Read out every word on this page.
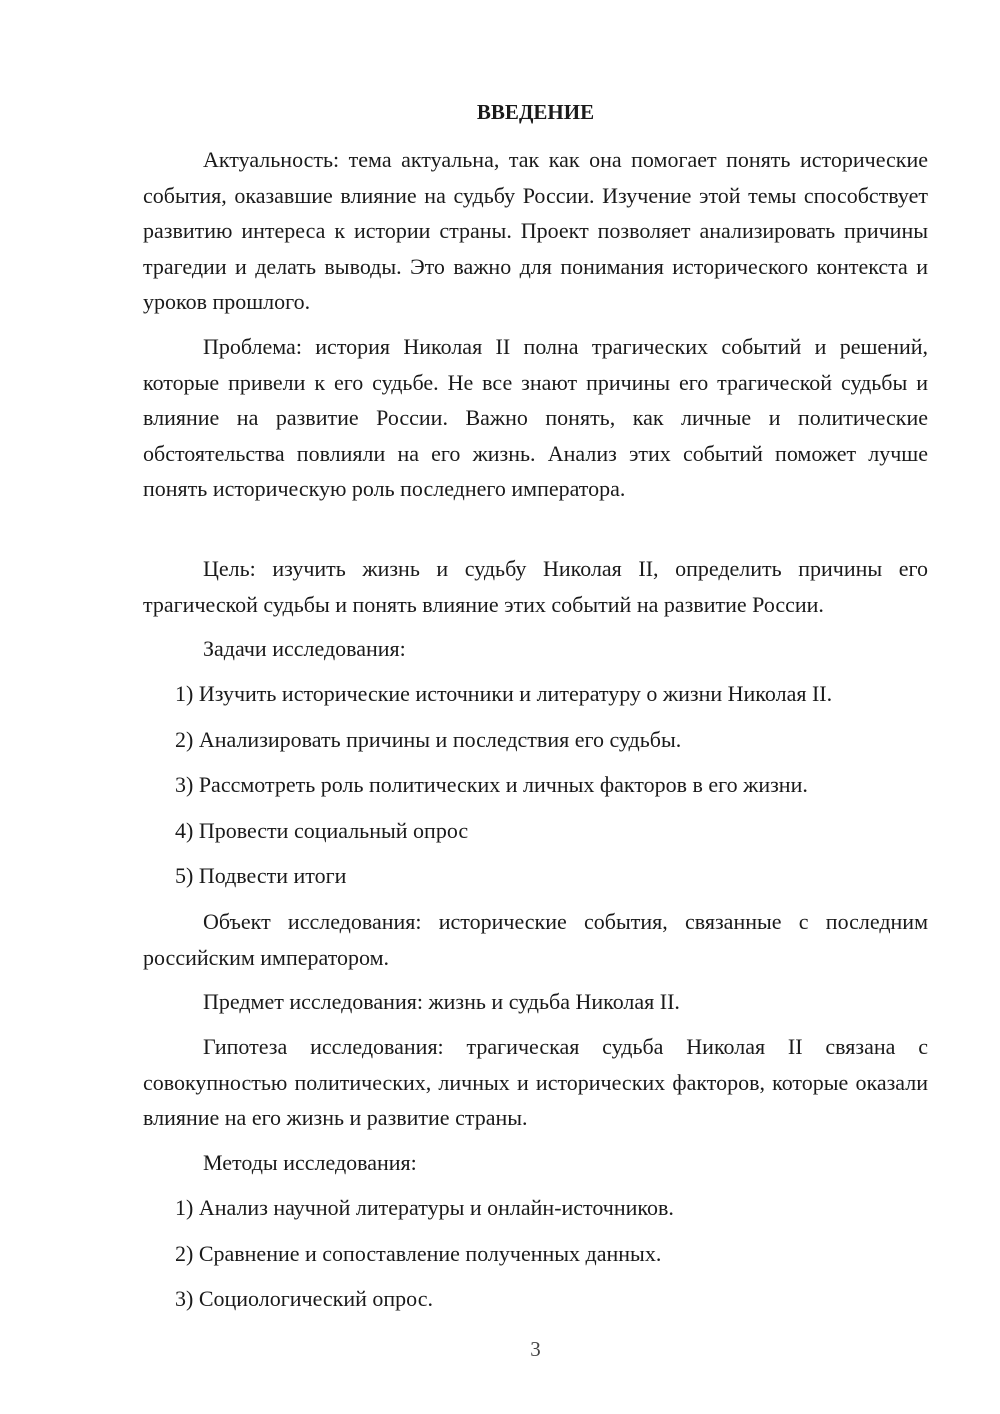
ВВЕДЕНИЕ

Актуальность: тема актуальна, так как она помогает понять исторические события, оказавшие влияние на судьбу России. Изучение этой темы способствует развитию интереса к истории страны. Проект позволяет анализировать причины трагедии и делать выводы. Это важно для понимания исторического контекста и уроков прошлого.

Проблема: история Николая II полна трагических событий и решений, которые привели к его судьбе. Не все знают причины его трагической судьбы и влияние на развитие России. Важно понять, как личные и политические обстоятельства повлияли на его жизнь. Анализ этих событий поможет лучше понять историческую роль последнего императора.

Цель: изучить жизнь и судьбу Николая II, определить причины его трагической судьбы и понять влияние этих событий на развитие России.

Задачи исследования:

1) Изучить исторические источники и литературу о жизни Николая II.

2) Анализировать причины и последствия его судьбы.

3) Рассмотреть роль политических и личных факторов в его жизни.

4) Провести социальный опрос

5) Подвести итоги

Объект исследования: исторические события, связанные с последним российским императором.

Предмет исследования: жизнь и судьба Николая II.

Гипотеза исследования: трагическая судьба Николая II связана с совокупностью политических, личных и исторических факторов, которые оказали влияние на его жизнь и развитие страны.

Методы исследования:

1) Анализ научной литературы и онлайн-источников.

2) Сравнение и сопоставление полученных данных.

3) Социологический опрос.

3
